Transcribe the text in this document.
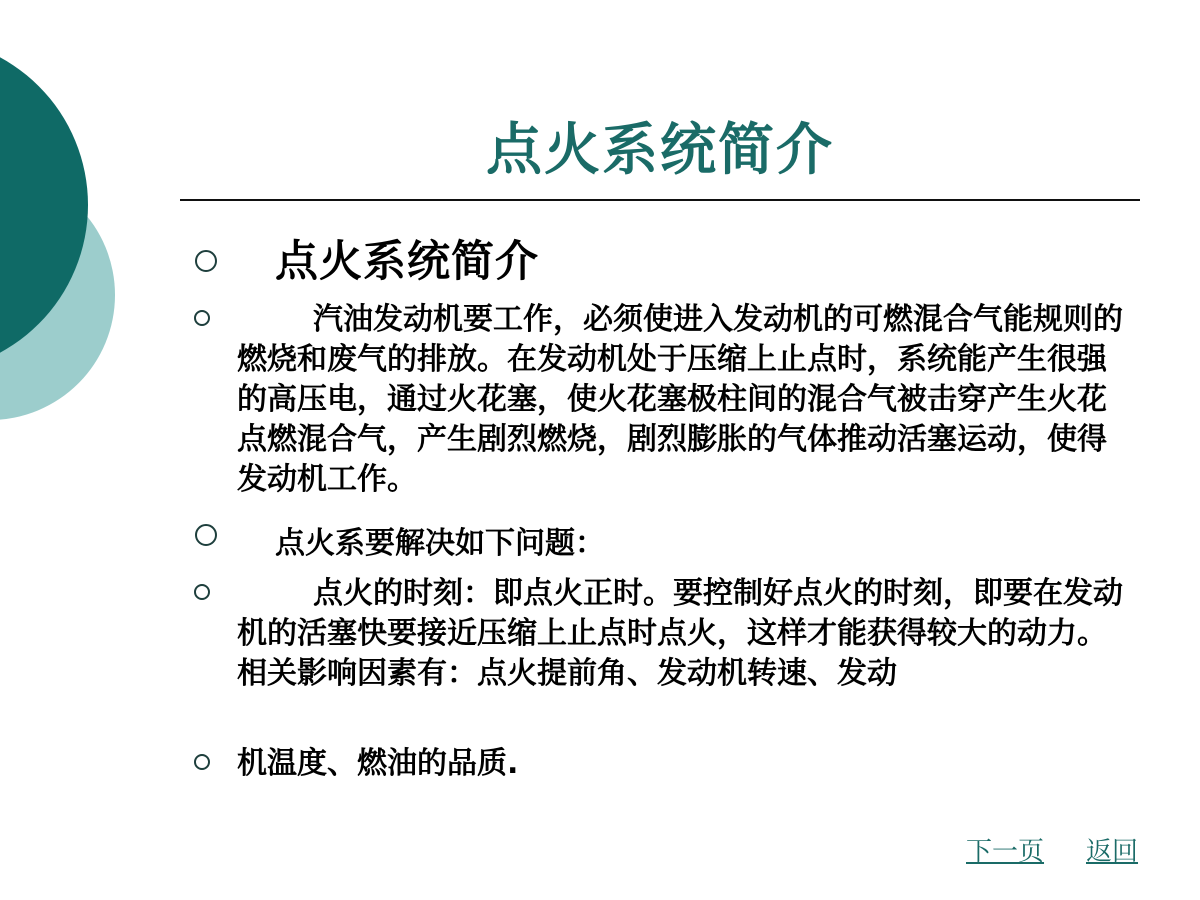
点火系统简介

点火系统简介

汽油发动机要工作，必须使进入发动机的可燃混合气能规则的燃烧和废气的排放。在发动机处于压缩上止点时，系统能产生很强的高压电，通过火花塞，使火花塞极柱间的混合气被击穿产生火花点燃混合气，产生剧烈燃烧，剧烈膨胀的气体推动活塞运动，使得发动机工作。

点火系要解决如下问题：

点火的时刻：即点火正时。要控制好点火的时刻，即要在发动机的活塞快要接近压缩上止点时点火，这样才能获得较大的动力。相关影响因素有：点火提前角、发动机转速、发动

机温度、燃油的品质.

下一页 返回
